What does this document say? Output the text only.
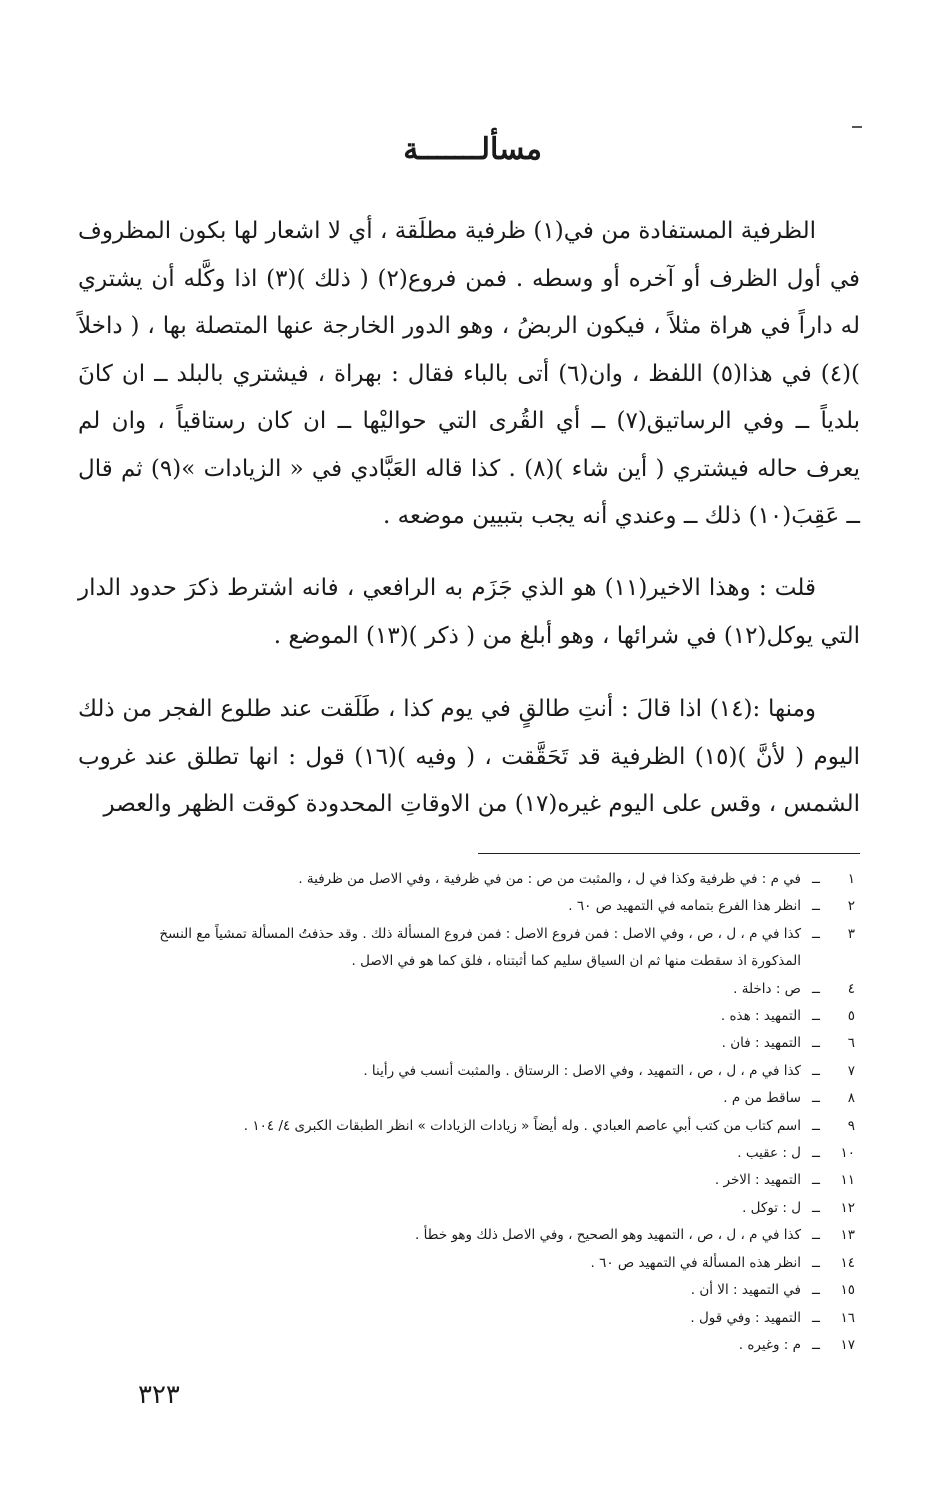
مسألـــــــة

الظرفية المستفادة من في(١) ظرفية مطلَقة ، أي لا اشعار لها بكون المظروف في أول الظرف أو آخره أو وسطه . فمن فروع(٢) ( ذلك )(٣) اذا وكَّله أن يشتري له داراً في هراة مثلاً ، فيكون الربضُ ، وهو الدور الخارجة عنها المتصلة بها ، ( داخلاً )(٤) في هذا(٥) اللفظ ، وان(٦) أتى بالباء فقال : بهراة ، فيشتري بالبلد ــ ان كانَ بلدياً ــ وفي الرساتيق(٧) ــ أي القُرى التي حواليْها ــ ان كان رستاقياً ، وان لم يعرف حاله فيشتري ( أين شاء )(٨) . كذا قاله العَبَّادي في « الزيادات »(٩) ثم قال ــ عَقِبَ(١٠) ذلك ــ وعندي أنه يجب بتبيين موضعه .

قلت : وهذا الاخير(١١) هو الذي جَزَم به الرافعي ، فانه اشترط ذكرَ حدود الدار التي يوكل(١٢) في شرائها ، وهو أبلغ من ( ذكر )(١٣) الموضع .

ومنها :(١٤) اذا قالَ : أنتِ طالقٍ في يوم كذا ، طَلَقت عند طلوع الفجر من ذلك اليوم ( لأنَّ )(١٥) الظرفية قد تَحَقَّقت ، ( وفيه )(١٦) قول : انها تطلق عند غروب الشمس ، وقس على اليوم غيره(١٧) من الاوقاتِ المحدودة كوقت الظهر والعصر

١
ــ
في م : في ظرفية وكذا في ل ، والمثبت من ص : من في ظرفية ، وفي الاصل من ظرفية .
٢
ــ
انظر هذا الفرع بتمامه في التمهيد ص ٦٠ .
٣
ــ
كذا في م ، ل ، ص ، وفي الاصل : فمن فروع الاصل : فمن فروع المسألة ذلك . وقد حذفتُ المسألة تمشياً مع النسخ المذكورة اذ سقطت منها ثم ان السياق سليم كما أثبتناه ، فلق كما هو في الاصل .
٤
ــ
ص : داخلة .
٥
ــ
التمهيد : هذه .
٦
ــ
التمهيد : فان .
٧
ــ
كذا في م ، ل ، ص ، التمهيد ، وفي الاصل : الرستاق . والمثبت أنسب في رأينا .
٨
ــ
ساقط من م .
٩
ــ
اسم كتاب من كتب أبي عاصم العبادي . وله أيضاً « زيادات الزيادات » انظر الطبقات الكبرى ٤/ ١٠٤ .
١٠
ــ
ل : عقيب .
١١
ــ
التمهيد : الاخر .
١٢
ــ
ل : توكل .
١٣
ــ
كذا في م ، ل ، ص ، التمهيد وهو الصحيح ، وفي الاصل ذلك وهو خطأ .
١٤
ــ
انظر هذه المسألة في التمهيد ص ٦٠ .
١٥
ــ
في التمهيد : الا أن .
١٦
ــ
التمهيد : وفي قول .
١٧
ــ
م : وغيره .
٣٢٣
